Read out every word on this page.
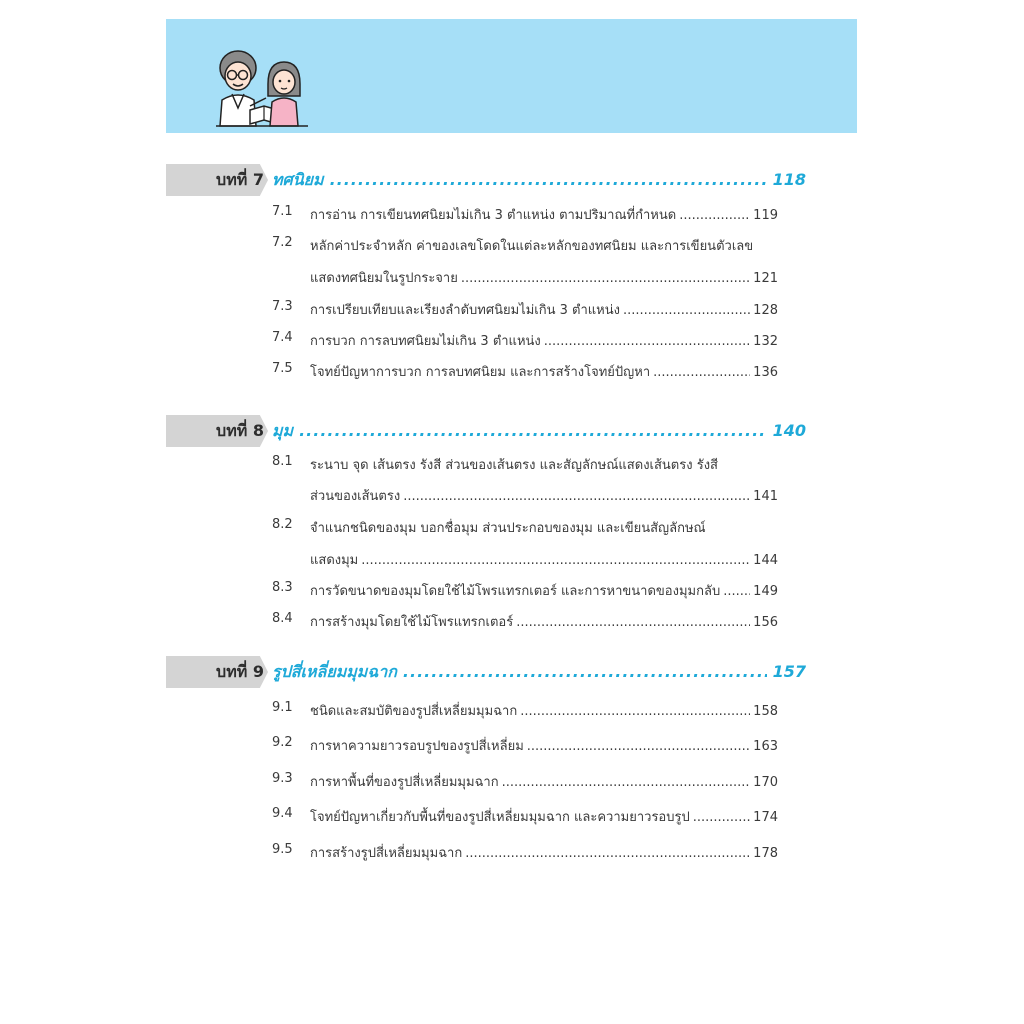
บทที่ 7 ทศนิยม .....	118
7.1	การอ่าน การเขียนทศนิยมไม่เกิน 3 ตำแหน่ง ตามปริมาณที่กำหนด .....	119
7.2	หลักค่าประจำหลัก ค่าของเลขโดดในแต่ละหลักของทศนิยม และการเขียนตัวเลข
แสดงทศนิยมในรูปกระจาย .....	121
7.3	การเปรียบเทียบและเรียงลำดับทศนิยมไม่เกิน 3 ตำแหน่ง .....	128
7.4	การบวก การลบทศนิยมไม่เกิน 3 ตำแหน่ง .....	132
7.5	โจทย์ปัญหาการบวก การลบทศนิยม และการสร้างโจทย์ปัญหา .....	136
บทที่ 8 มุม .....	140
8.1	ระนาบ จุด เส้นตรง รังสี ส่วนของเส้นตรง และสัญลักษณ์แสดงเส้นตรง รังสี
ส่วนของเส้นตรง .....	141
8.2	จำแนกชนิดของมุม บอกชื่อมุม ส่วนประกอบของมุม และเขียนสัญลักษณ์
แสดงมุม .....	144
8.3	การวัดขนาดของมุมโดยใช้ไม้โพรแทรกเตอร์ และการหาขนาดของมุมกลับ .....	149
8.4	การสร้างมุมโดยใช้ไม้โพรแทรกเตอร์ .....	156
บทที่ 9 รูปสี่เหลี่ยมมุมฉาก .....	157
9.1	ชนิดและสมบัติของรูปสี่เหลี่ยมมุมฉาก .....	158
9.2	การหาความยาวรอบรูปของรูปสี่เหลี่ยม .....	163
9.3	การหาพื้นที่ของรูปสี่เหลี่ยมมุมฉาก .....	170
9.4	โจทย์ปัญหาเกี่ยวกับพื้นที่ของรูปสี่เหลี่ยมมุมฉาก และความยาวรอบรูป .....	174
9.5	การสร้างรูปสี่เหลี่ยมมุมฉาก .....	178
